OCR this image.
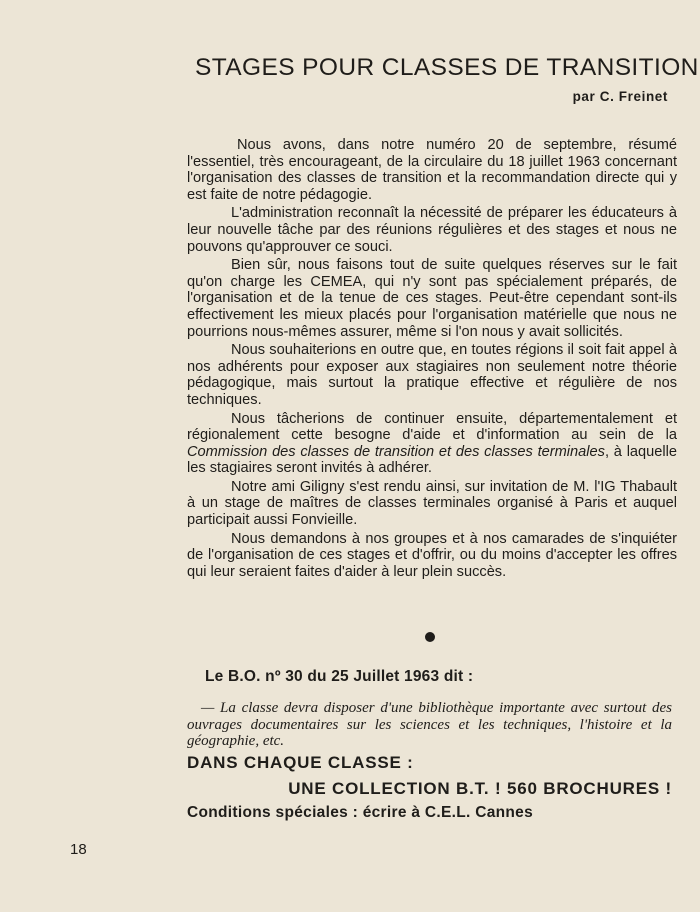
STAGES POUR CLASSES DE TRANSITION
par C. Freinet

Nous avons, dans notre numéro 20 de septembre, résumé l'essentiel, très encourageant, de la circulaire du 18 juillet 1963 concernant l'organisation des classes de transition et la recommandation directe qui y est faite de notre pédagogie.

L'administration reconnaît la nécessité de préparer les éducateurs à leur nouvelle tâche par des réunions régulières et des stages et nous ne pouvons qu'approuver ce souci.

Bien sûr, nous faisons tout de suite quelques réserves sur le fait qu'on charge les CEMEA, qui n'y sont pas spécialement préparés, de l'organisation et de la tenue de ces stages. Peut-être cependant sont-ils effectivement les mieux placés pour l'organisation matérielle que nous ne pourrions nous-mêmes assurer, même si l'on nous y avait sollicités.

Nous souhaiterions en outre que, en toutes régions il soit fait appel à nos adhérents pour exposer aux stagiaires non seulement notre théorie pédagogique, mais surtout la pratique effective et régulière de nos techniques.

Nous tâcherions de continuer ensuite, départementalement et régionalement cette besogne d'aide et d'information au sein de la Commission des classes de transition et des classes terminales, à laquelle les stagiaires seront invités à adhérer.

Notre ami Giligny s'est rendu ainsi, sur invitation de M. l'IG Thabault à un stage de maîtres de classes terminales organisé à Paris et auquel participait aussi Fonvieille.

Nous demandons à nos groupes et à nos camarades de s'inquiéter de l'organisation de ces stages et d'offrir, ou du moins d'accepter les offres qui leur seraient faites d'aider à leur plein succès.

Le B.O. nº 30 du 25 Juillet 1963 dit :
— La classe devra disposer d'une bibliothèque importante avec surtout des ouvrages documentaires sur les sciences et les techniques, l'histoire et la géographie, etc.
DANS CHAQUE CLASSE :
UNE COLLECTION B.T. ! 560 BROCHURES !
Conditions spéciales : écrire à C.E.L. Cannes
18
